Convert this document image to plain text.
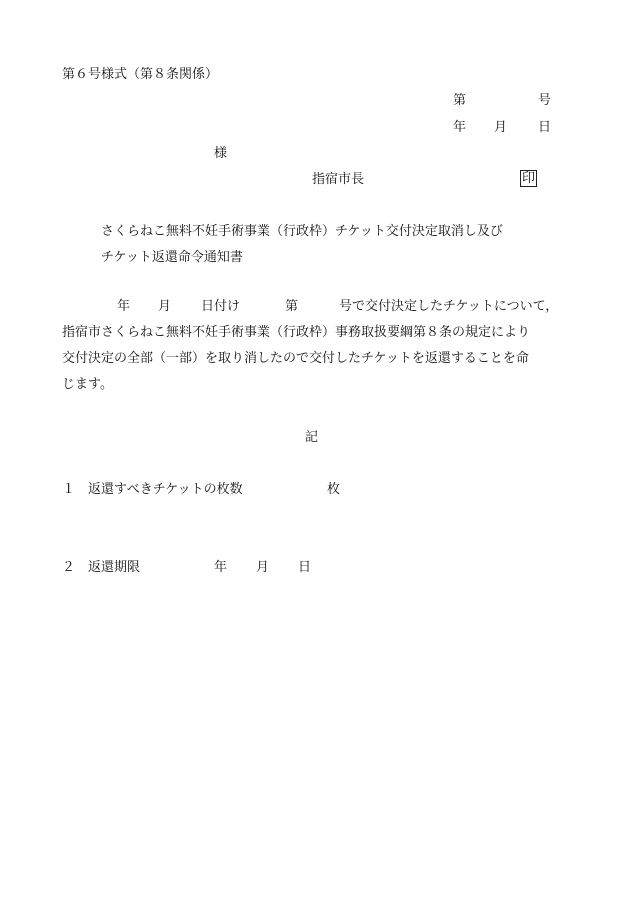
第６号様式（第８条関係）
第	号
年 月 日
様
指宿市長	印
さくらねこ無料不妊手術事業（行政枠）チケット交付決定取消し及び
チケット返還命令通知書
年 月 日付け	第	号で交付決定したチケットについて，
指宿市さくらねこ無料不妊手術事業（行政枠）事務取扱要綱第８条の規定により
交付決定の全部（一部）を取り消したので交付したチケットを返還することを命
じます。
記
１ 返還すべきチケットの枚数	枚
２ 返還期限	年 月 日
